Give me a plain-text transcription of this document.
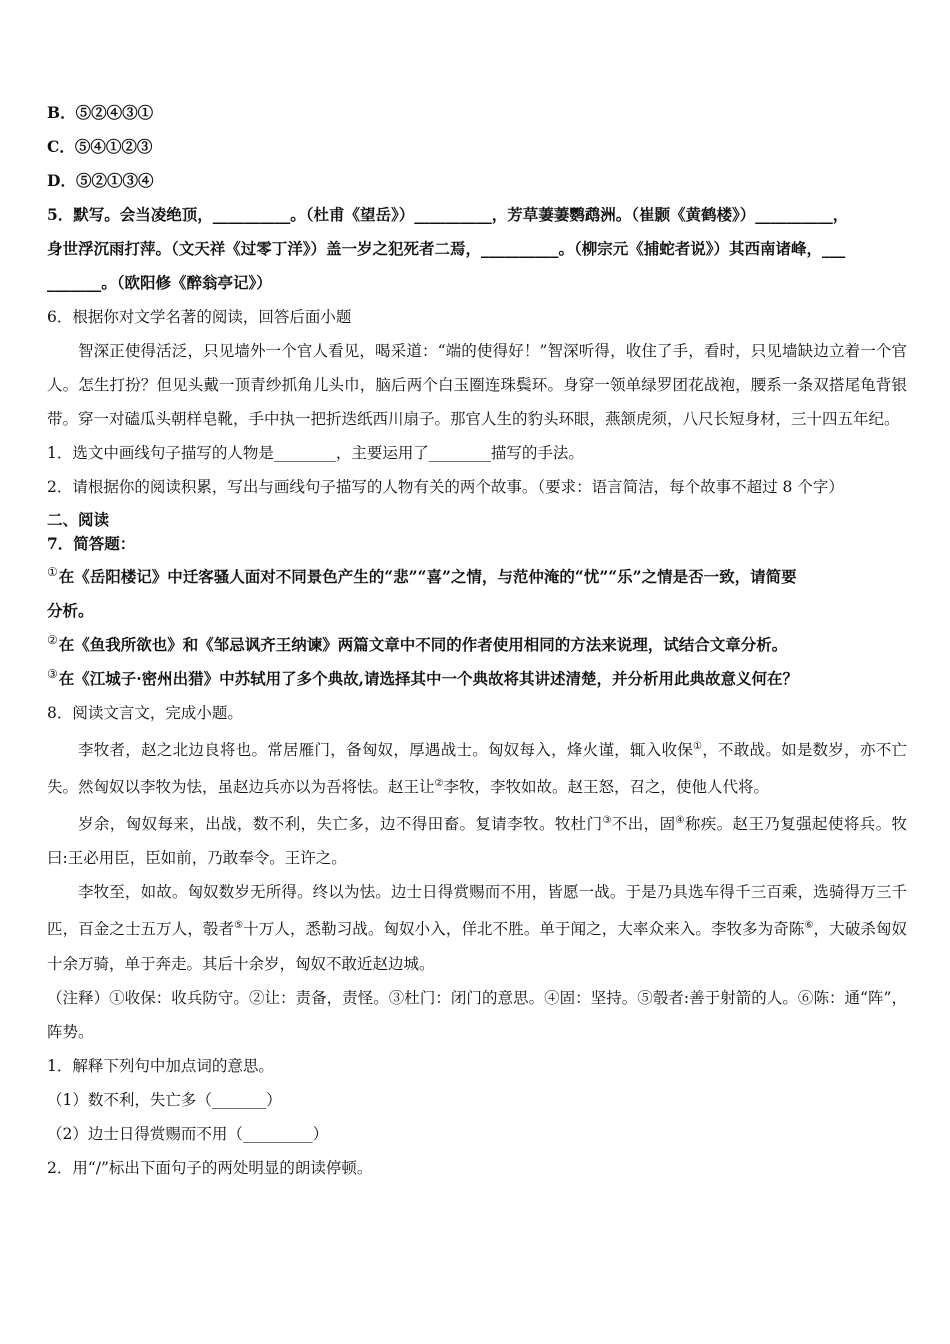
B．⑤②④③①
C．⑤④①②③
D．⑤②①③④
5．默写。会当凌绝顶，__________。（杜甫《望岳》）__________，芳草萋萋鹦鹉洲。（崔颢《黄鹤楼》）__________，
身世浮沉雨打萍。（文天祥《过零丁洋》）盖一岁之犯死者二焉，__________。（柳宗元《捕蛇者说》）其西南诸峰，___
_______。（欧阳修《醉翁亭记》）
6．根据你对文学名著的阅读，回答后面小题
智深正使得活泛，只见墙外一个官人看见，喝采道：“端的使得好！”智深听得，收住了手，看时，只见墙缺边立着一个官人。怎生打扮？但见头戴一顶青纱抓角儿头巾，脑后两个白玉圈连珠鬓环。身穿一领单绿罗团花战袍，腰系一条双搭尾龟背银带。穿一对磕瓜头朝样皂靴，手中执一把折迭纸西川扇子。那官人生的豹头环眼，燕颔虎须，八尺长短身材，三十四五年纪。
1．选文中画线句子描写的人物是________，主要运用了________描写的手法。
2．请根据你的阅读积累，写出与画线句子描写的人物有关的两个故事。（要求：语言简洁，每个故事不超过 8 个字）
二、阅读
7．简答题：
①在《岳阳楼记》中迁客骚人面对不同景色产生的“悲”“喜”之情，与范仲淹的“忧”“乐”之情是否一致，请简要
分析。
②在《鱼我所欲也》和《邹忌讽齐王纳谏》两篇文章中不同的作者使用相同的方法来说理，试结合文章分析。
③在《江城子·密州出猎》中苏轼用了多个典故,请选择其中一个典故将其讲述清楚，并分析用此典故意义何在？
8．阅读文言文，完成小题。
李牧者，赵之北边良将也。常居雁门，备匈奴，厚遇战士。匈奴每入，烽火谨，辄入收保①，不敢战。如是数岁，亦不亡失。然匈奴以李牧为怯，虽赵边兵亦以为吾将怯。赵王让②李牧，李牧如故。赵王怒，召之，使他人代将。
岁余，匈奴每来，出战，数不利，失亡多，边不得田畜。复请李牧。牧杜门③不出，固④称疾。赵王乃复强起使将兵。牧曰:王必用臣，臣如前，乃敢奉令。王许之。
李牧至，如故。匈奴数岁无所得。终以为怯。边士日得赏赐而不用，皆愿一战。于是乃具选车得千三百乘，选骑得万三千匹，百金之士五万人，彀者⑤十万人，悉勒习战。匈奴小入，佯北不胜。单于闻之，大率众来入。李牧多为奇陈⑥，大破杀匈奴十余万骑，单于奔走。其后十余岁，匈奴不敢近赵边城。
（注释）①收保：收兵防守。②让：责备，责怪。③杜门：闭门的意思。④固：坚持。⑤彀者:善于射箭的人。⑥陈：通“阵”，阵势。
1．解释下列句中加点词的意思。
（1）数不利，失亡多（_______）
（2）边士日得赏赐而不用（_________）
2．用“/”标出下面句子的两处明显的朗读停顿。
